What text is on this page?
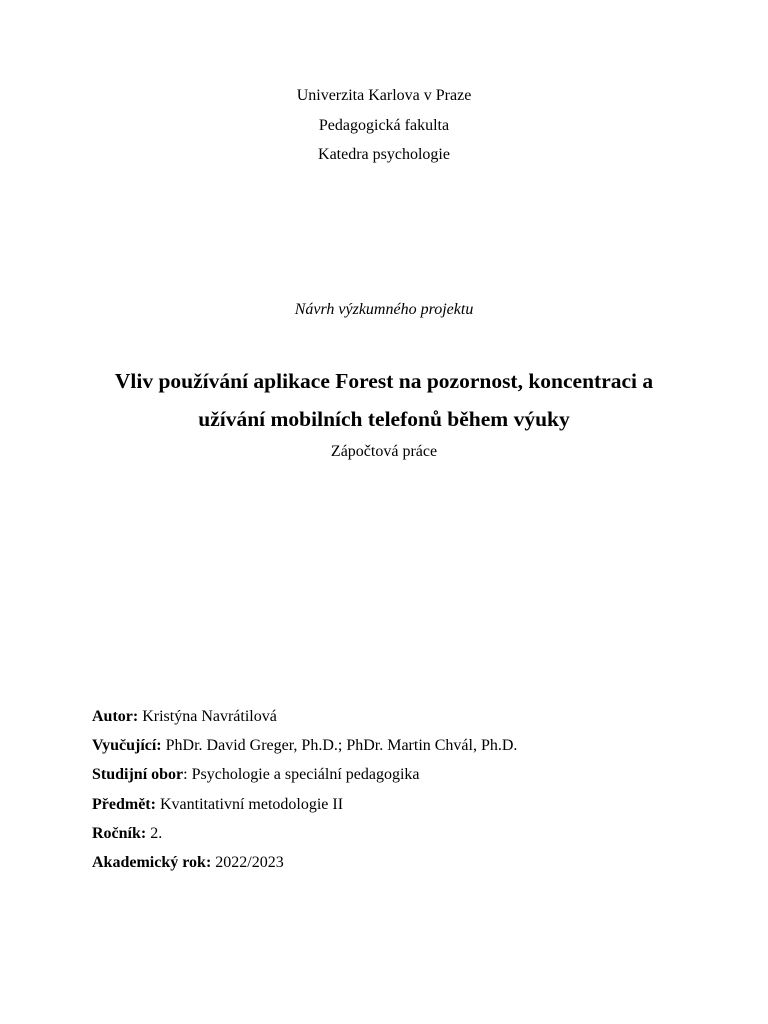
Univerzita Karlova v Praze
Pedagogická fakulta
Katedra psychologie
Návrh výzkumného projektu
Vliv používání aplikace Forest na pozornost, koncentraci a
užívání mobilních telefonů během výuky
Zápočtová práce
Autor: Kristýna Navrátilová
Vyučující: PhDr. David Greger, Ph.D.; PhDr. Martin Chvál, Ph.D.
Studijní obor: Psychologie a speciální pedagogika
Předmět: Kvantitativní metodologie II
Ročník: 2.
Akademický rok: 2022/2023
